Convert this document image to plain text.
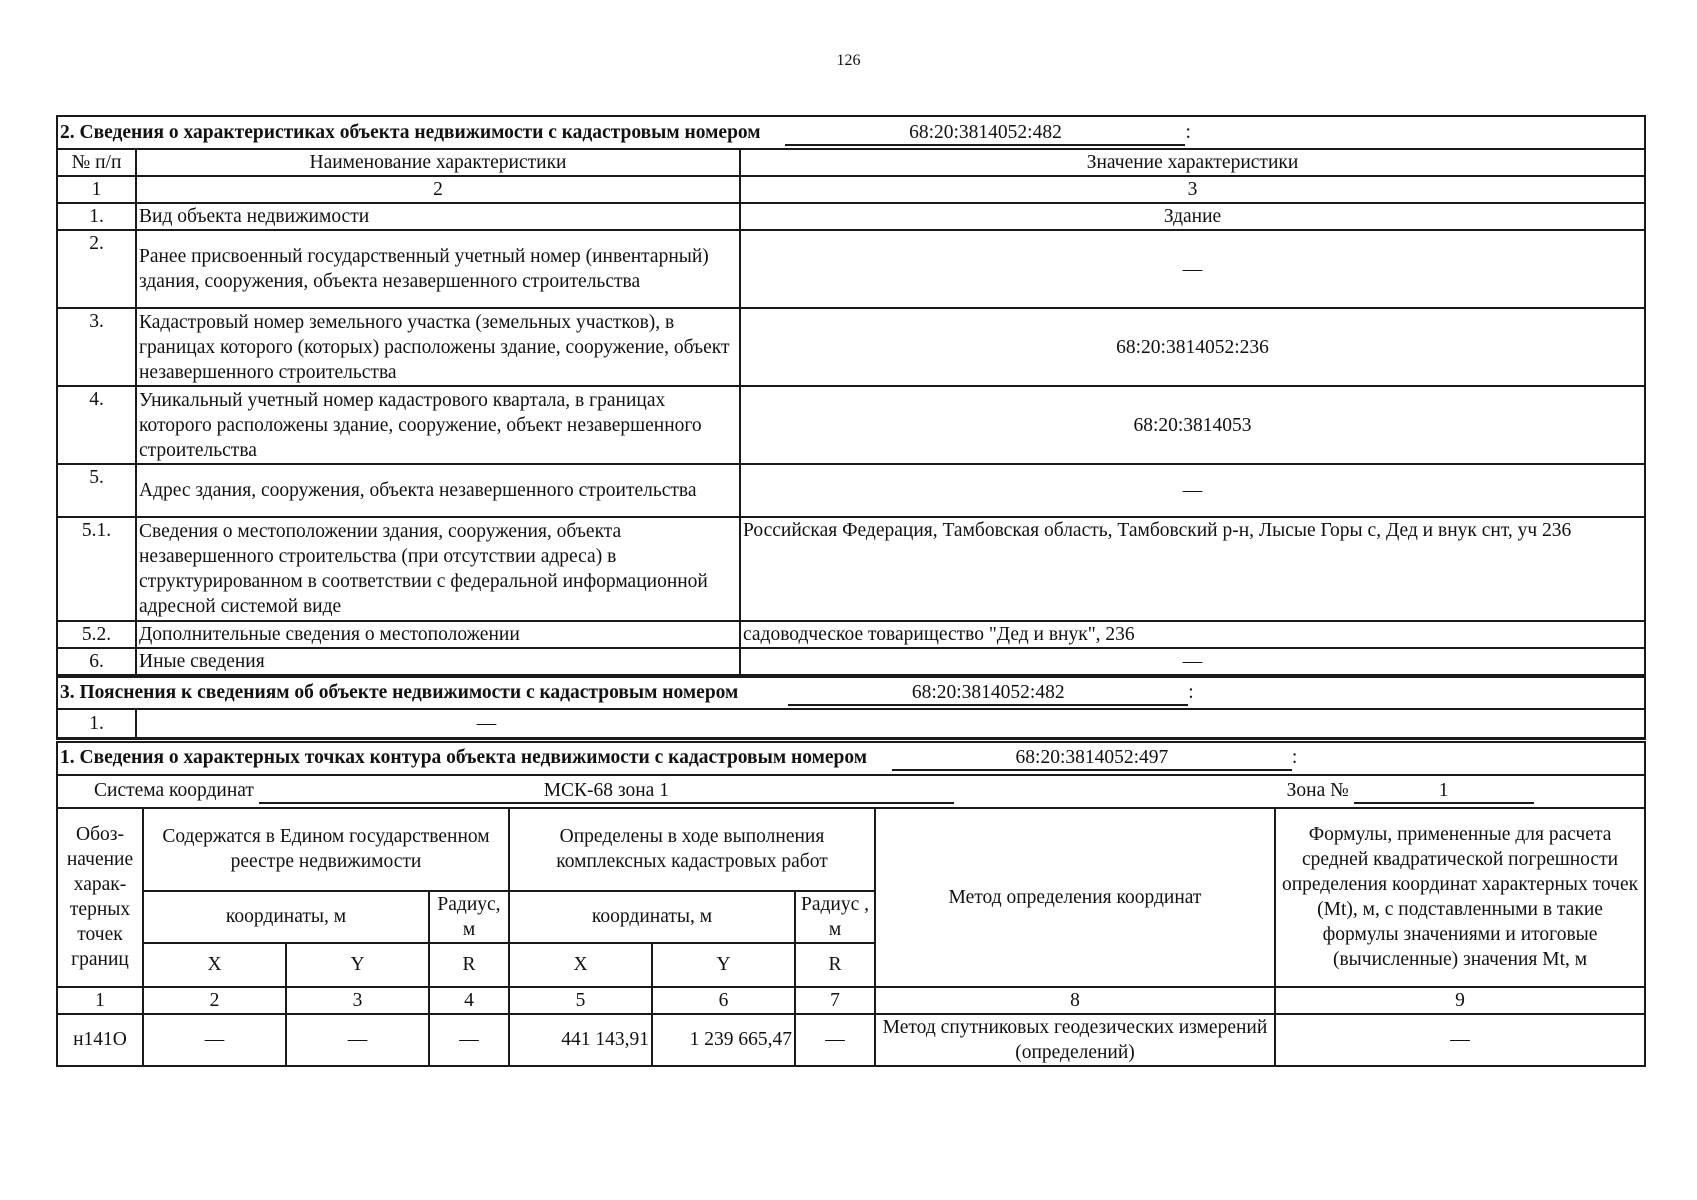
126
2. Сведения о характеристиках объекта недвижимости с кадастровым номером 68:20:3814052:482 :		
№ п/п	Наименование характеристики	Значение характеристики
1	2	3
1.	Вид объекта недвижимости	Здание
2.	Ранее присвоенный государственный учетный номер (инвентарный) здания, сооружения, объекта незавершенного строительства	—
3.	Кадастровый номер земельного участка (земельных участков), в границах которого (которых) расположены здание, сооружение, объект незавершенного строительства	68:20:3814052:236
4.	Уникальный учетный номер кадастрового квартала, в границах которого расположены здание, сооружение, объект незавершенного строительства	68:20:3814053
5.	Адрес здания, сооружения, объекта незавершенного строительства	—
5.1.	Сведения о местоположении здания, сооружения, объекта незавершенного строительства (при отсутствии адреса) в структурированном в соответствии с федеральной информационной адресной системой виде	Российская Федерация, Тамбовская область, Тамбовский р-н, Лысые Горы с, Дед и внук снт, уч 236
5.2.	Дополнительные сведения о местоположении	садоводческое товарищество "Дед и внук", 236
6.	Иные сведения	—
3. Пояснения к сведениям об объекте недвижимости с кадастровым номером	68:20:3814052:482	:
1.	—
1. Сведения о характерных точках контура объекта недвижимости с кадастровым номером 68:20:3814052:497 :								
Система координат МСК-68 зона 1 Зона № 1								
Обоз-начение харак-терных точек границ	Содержатся в Едином государственном реестре недвижимости			Определены в ходе выполнения комплексных кадастровых работ			Метод определения координат	Формулы, примененные для расчета средней квадратической погрешности определения координат характерных точек (Mt), м, с подставленными в такие формулы значениями и итоговые (вычисленные) значения Mt, м
	координаты, м		Радиус, м	координаты, м		Радиус , м		
	X	Y	R	X	Y	R		
1	2	3	4	5	6	7	8	9
н141О	—	—	—	441 143,91	1 239 665,47	—	Метод спутниковых геодезических измерений (определений)	—
